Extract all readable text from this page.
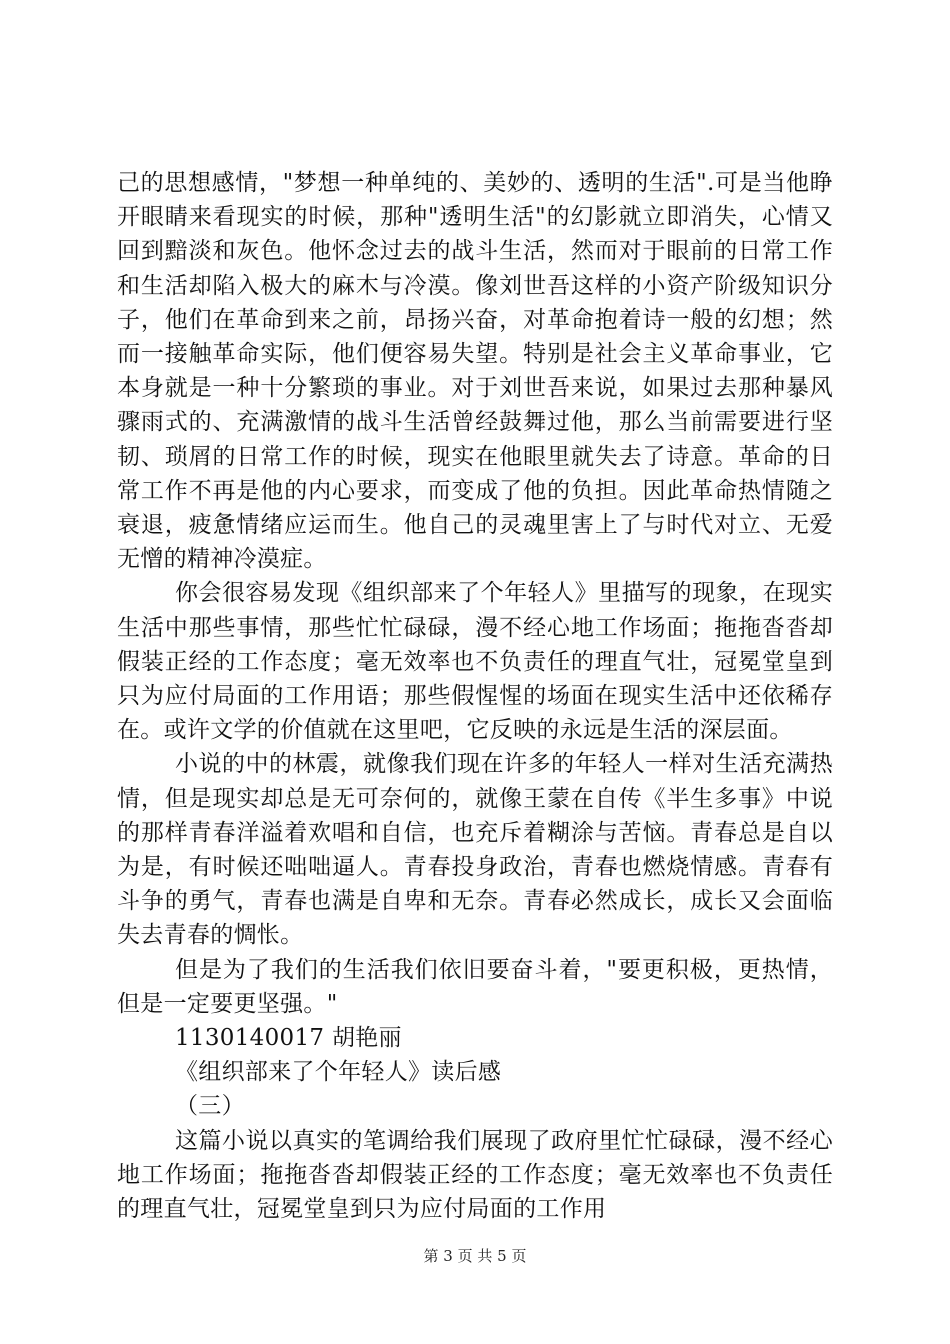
己的思想感情，"梦想一种单纯的、美妙的、透明的生活".可是当他睁开眼睛来看现实的时候，那种"透明生活"的幻影就立即消失，心情又回到黯淡和灰色。他怀念过去的战斗生活，然而对于眼前的日常工作和生活却陷入极大的麻木与冷漠。像刘世吾这样的小资产阶级知识分子，他们在革命到来之前，昂扬兴奋，对革命抱着诗一般的幻想；然而一接触革命实际，他们便容易失望。特别是社会主义革命事业，它本身就是一种十分繁琐的事业。对于刘世吾来说，如果过去那种暴风骤雨式的、充满激情的战斗生活曾经鼓舞过他，那么当前需要进行坚韧、琐屑的日常工作的时候，现实在他眼里就失去了诗意。革命的日常工作不再是他的内心要求，而变成了他的负担。因此革命热情随之衰退，疲惫情绪应运而生。他自己的灵魂里害上了与时代对立、无爱无憎的精神冷漠症。

你会很容易发现《组织部来了个年轻人》里描写的现象，在现实生活中那些事情，那些忙忙碌碌，漫不经心地工作场面；拖拖沓沓却假装正经的工作态度；毫无效率也不负责任的理直气壮，冠冕堂皇到只为应付局面的工作用语；那些假惺惺的场面在现实生活中还依稀存在。或许文学的价值就在这里吧，它反映的永远是生活的深层面。

小说的中的林震，就像我们现在许多的年轻人一样对生活充满热情，但是现实却总是无可奈何的，就像王蒙在自传《半生多事》中说的那样青春洋溢着欢唱和自信，也充斥着糊涂与苦恼。青春总是自以为是，有时候还咄咄逼人。青春投身政治，青春也燃烧情感。青春有斗争的勇气，青春也满是自卑和无奈。青春必然成长，成长又会面临失去青春的惆怅。

但是为了我们的生活我们依旧要奋斗着，"要更积极，更热情，但是一定要更坚强。"

1130140017 胡艳丽

《组织部来了个年轻人》读后感

（三）

这篇小说以真实的笔调给我们展现了政府里忙忙碌碌，漫不经心地工作场面；拖拖沓沓却假装正经的工作态度；毫无效率也不负责任的理直气壮，冠冕堂皇到只为应付局面的工作用

第 3 页 共 5 页
